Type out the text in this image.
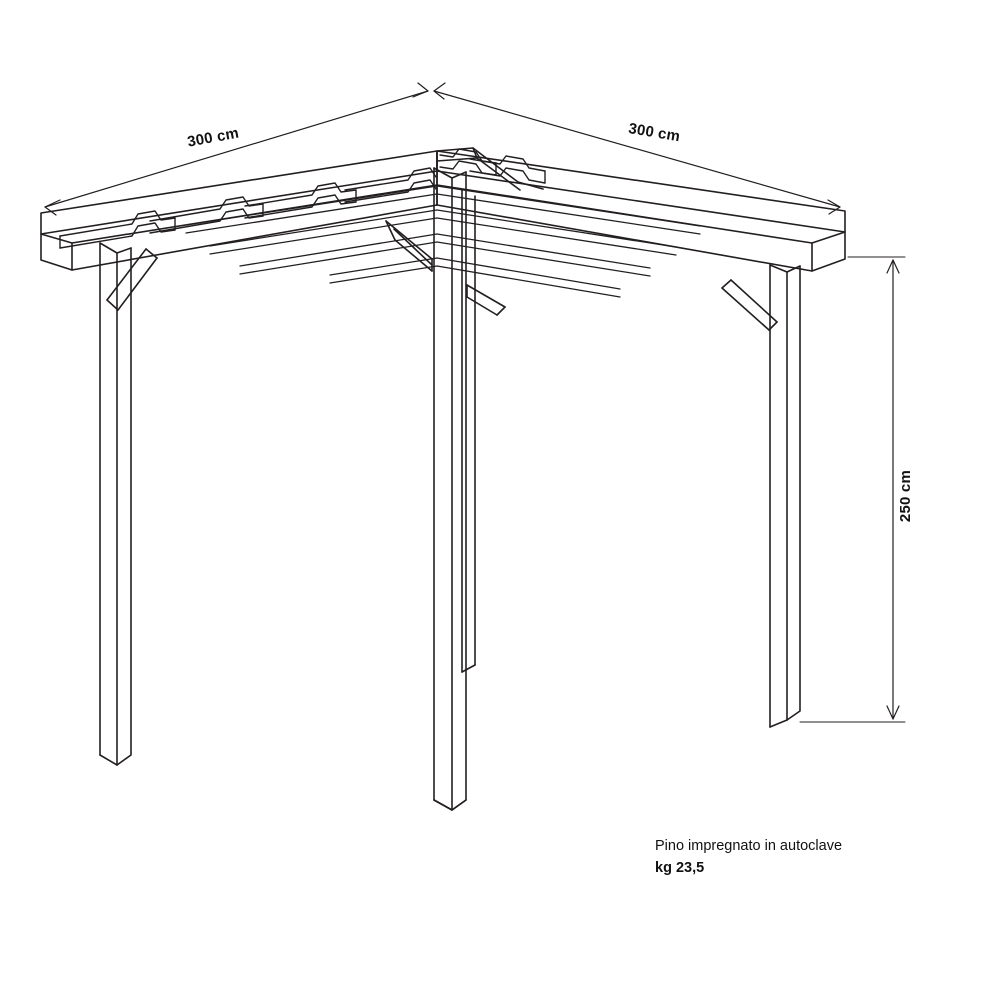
300 cm	300 cm
250 cm
Pino impregnato in autoclave
kg 23,5
